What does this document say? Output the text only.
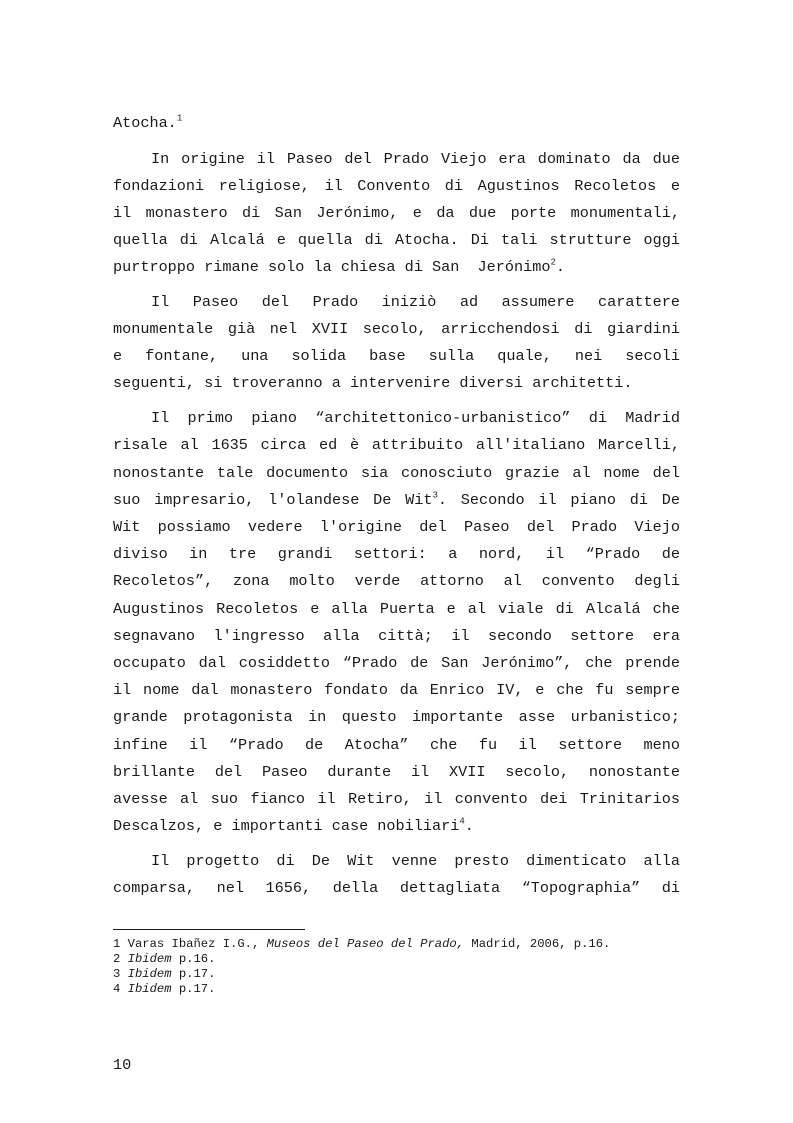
Atocha.$^1$
In origine il Paseo del Prado Viejo era dominato da due
fondazioni religiose, il Convento di Agustinos Recoletos e
il monastero di San Jerónimo, e da due porte monumentali,
quella di Alcalá e quella di Atocha. Di tali strutture oggi
purtroppo rimane solo la chiesa di San  Jerónimo$^2$.
Il  Paseo  del  Prado  iniziò  ad  assumere  carattere
monumentale già nel XVII secolo, arricchendosi di giardini
e  fontane,  una  solida  base  sulla  quale,  nei  secoli
seguenti, si troveranno a intervenire diversi architetti.
Il primo piano “architettonico-urbanistico” di Madrid
risale al 1635 circa ed è attribuito all'italiano Marcelli,
nonostante tale documento sia conosciuto grazie al nome del
suo impresario, l'olandese De Wit$^3$. Secondo il piano di De
Wit possiamo vedere l'origine del Paseo del Prado Viejo
diviso  in  tre  grandi  settori:  a  nord,  il  “Prado  de
Recoletos”, zona molto verde attorno al convento degli
Augustinos Recoletos e alla Puerta e al viale di Alcalá che
segnavano l'ingresso alla città; il secondo settore era
occupato dal cosiddetto “Prado de San Jerónimo”, che prende
il nome dal monastero fondato da Enrico IV, e che fu sempre
grande protagonista in questo importante asse urbanistico;
infine  il  “Prado  de  Atocha”  che  fu  il  settore  meno
brillante del Paseo durante il XVII secolo, nonostante
avesse al suo fianco il Retiro, il convento dei Trinitarios
Descalzos, e importanti case nobiliari$^4$.
Il progetto di De Wit venne presto dimenticato alla
comparsa,  nel  1656,  della  dettagliata  “Topographia”  di
1 Varas Ibañez I.G., Museos del Paseo del Prado, Madrid, 2006, p.16.
2 Ibidem p.16.
3 Ibidem p.17.
4 Ibidem p.17.
10
